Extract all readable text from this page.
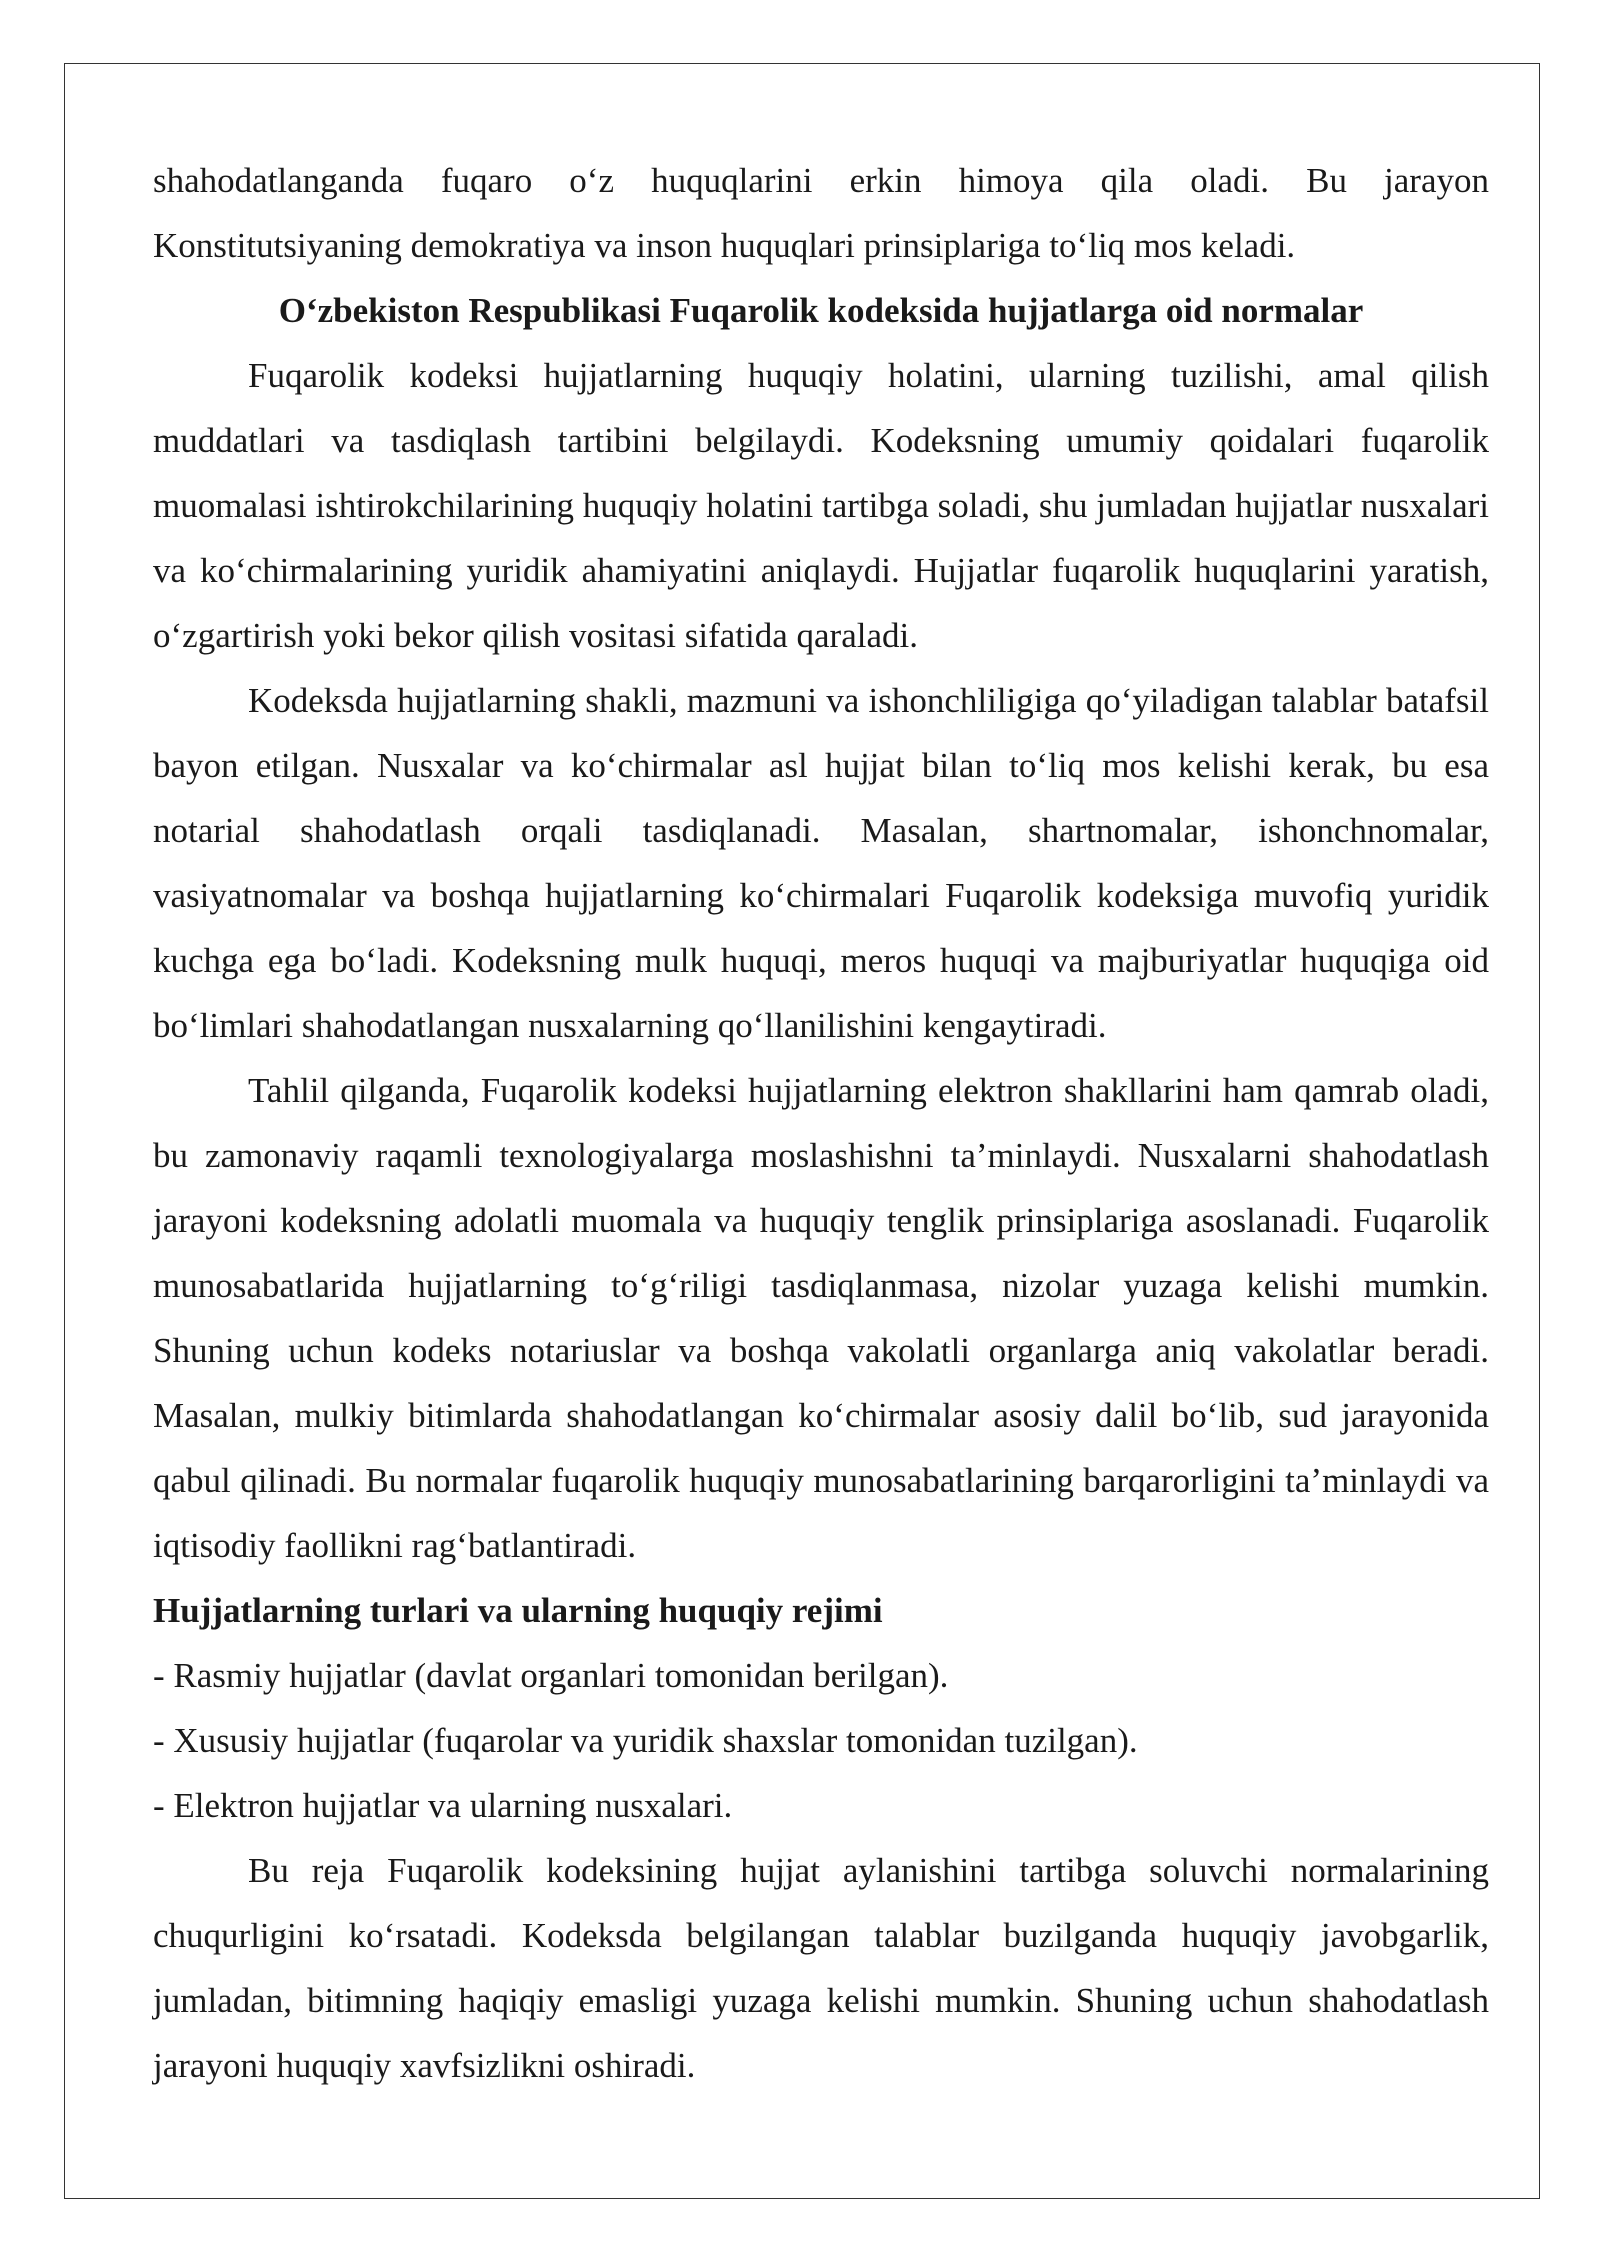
shahodatlanganda fuqaro o‘z huquqlarini erkin himoya qila oladi. Bu jarayon Konstitutsiyaning demokratiya va inson huquqlari prinsiplariga to‘liq mos keladi.

O‘zbekiston Respublikasi Fuqarolik kodeksida hujjatlarga oid normalar

Fuqarolik kodeksi hujjatlarning huquqiy holatini, ularning tuzilishi, amal qilish muddatlari va tasdiqlash tartibini belgilaydi. Kodeksning umumiy qoidalari fuqarolik muomalasi ishtirokchilarining huquqiy holatini tartibga soladi, shu jumladan hujjatlar nusxalari va ko‘chirmalarining yuridik ahamiyatini aniqlaydi. Hujjatlar fuqarolik huquqlarini yaratish, o‘zgartirish yoki bekor qilish vositasi sifatida qaraladi.

Kodeksda hujjatlarning shakli, mazmuni va ishonchliligiga qo‘yiladigan talablar batafsil bayon etilgan. Nusxalar va ko‘chirmalar asl hujjat bilan to‘liq mos kelishi kerak, bu esa notarial shahodatlash orqali tasdiqlanadi. Masalan, shartnomalar, ishonchnomalar, vasiyatnomalar va boshqa hujjatlarning ko‘chirmalari Fuqarolik kodeksiga muvofiq yuridik kuchga ega bo‘ladi. Kodeksning mulk huquqi, meros huquqi va majburiyatlar huquqiga oid bo‘limlari shahodatlangan nusxalarning qo‘llanilishini kengaytiradi.

Tahlil qilganda, Fuqarolik kodeksi hujjatlarning elektron shakllarini ham qamrab oladi, bu zamonaviy raqamli texnologiyalarga moslashishni ta’minlaydi. Nusxalarni shahodatlash jarayoni kodeksning adolatli muomala va huquqiy tenglik prinsiplariga asoslanadi. Fuqarolik munosabatlarida hujjatlarning to‘g‘riligi tasdiqlanmasa, nizolar yuzaga kelishi mumkin. Shuning uchun kodeks notariuslar va boshqa vakolatli organlarga aniq vakolatlar beradi. Masalan, mulkiy bitimlarda shahodatlangan ko‘chirmalar asosiy dalil bo‘lib, sud jarayonida qabul qilinadi. Bu normalar fuqarolik huquqiy munosabatlarining barqarorligini ta’minlaydi va iqtisodiy faollikni rag‘batlantiradi.

Hujjatlarning turlari va ularning huquqiy rejimi
- Rasmiy hujjatlar (davlat organlari tomonidan berilgan).
- Xususiy hujjatlar (fuqarolar va yuridik shaxslar tomonidan tuzilgan).
- Elektron hujjatlar va ularning nusxalari.

Bu reja Fuqarolik kodeksining hujjat aylanishini tartibga soluvchi normalarining chuqurligini ko‘rsatadi. Kodeksda belgilangan talablar buzilganda huquqiy javobgarlik, jumladan, bitimning haqiqiy emasligi yuzaga kelishi mumkin. Shuning uchun shahodatlash jarayoni huquqiy xavfsizlikni oshiradi.
